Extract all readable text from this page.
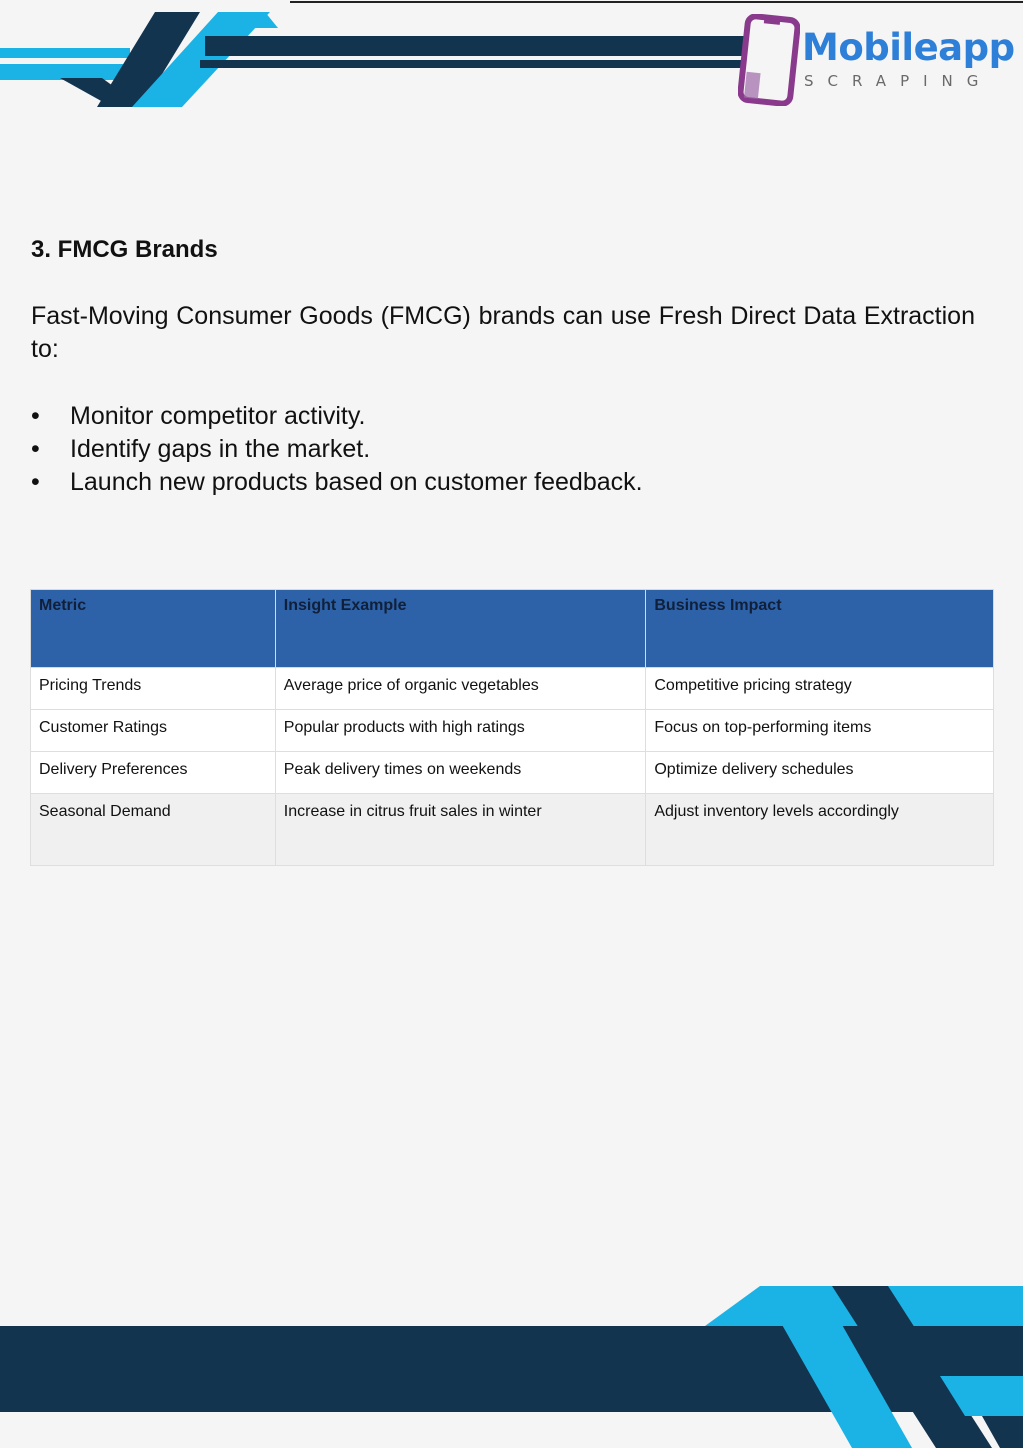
Mobileapp
SCRAPING
3. FMCG Brands

Fast-Moving Consumer Goods (FMCG) brands can use Fresh Direct Data Extraction to:

•	Monitor competitor activity.
•	Identify gaps in the market.
•	Launch new products based on customer feedback.
Metric	Insight Example	Business Impact
Pricing Trends	Average price of organic vegetables	Competitive pricing strategy
Customer Ratings	Popular products with high ratings	Focus on top-performing items
Delivery Preferences	Peak delivery times on weekends	Optimize delivery schedules
Seasonal Demand	Increase in citrus fruit sales in winter	Adjust inventory levels accordingly
